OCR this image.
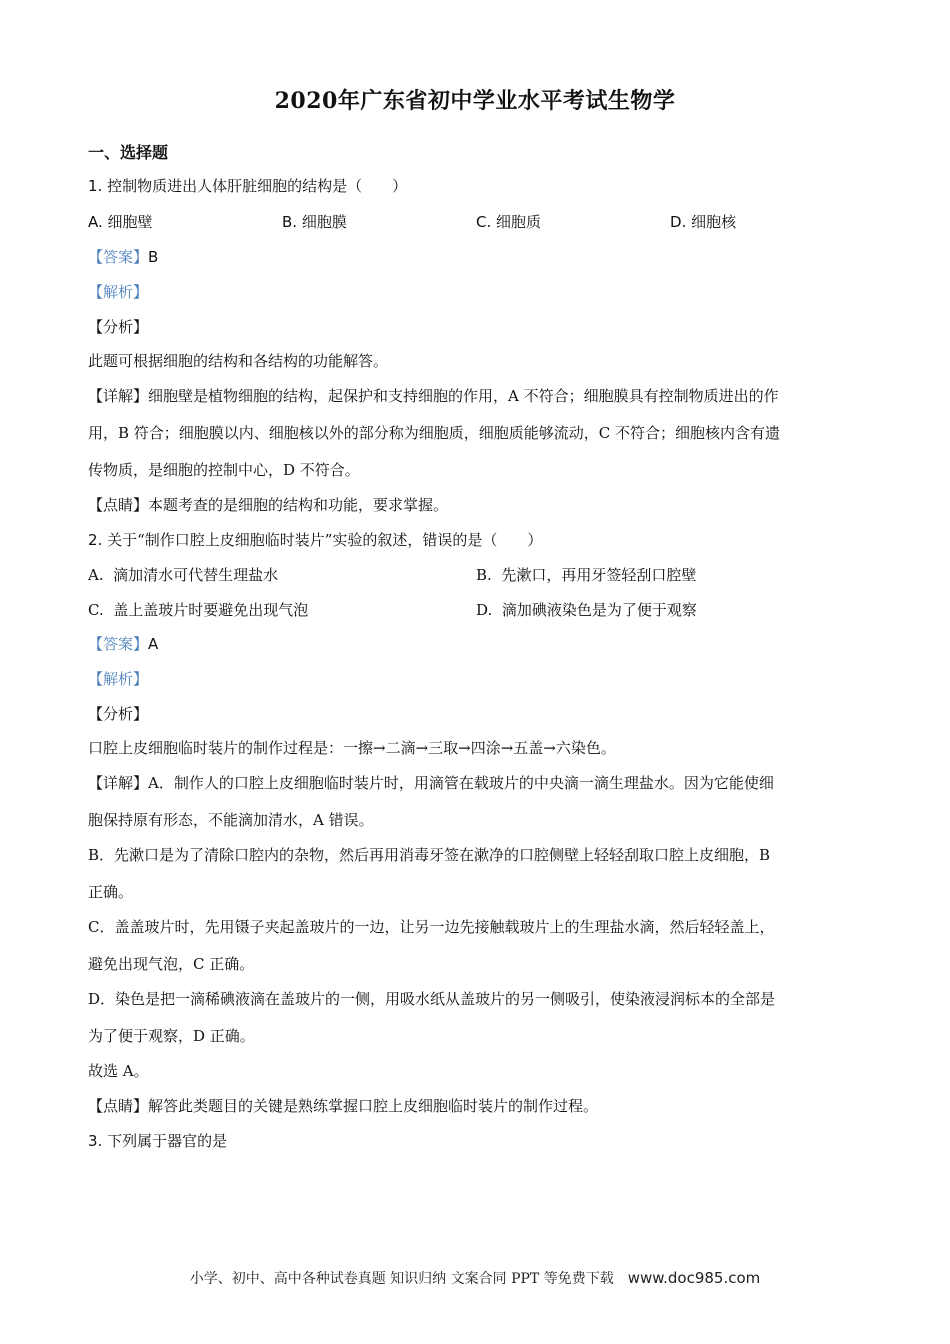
2020年广东省初中学业水平考试生物学
一、选择题
1. 控制物质进出人体肝脏细胞的结构是（　　）
A. 细胞壁	B. 细胞膜	C. 细胞质	D. 细胞核
【答案】B
【解析】
【分析】
此题可根据细胞的结构和各结构的功能解答。
【详解】细胞壁是植物细胞的结构，起保护和支持细胞的作用，A 不符合；细胞膜具有控制物质进出的作
用，B 符合；细胞膜以内、细胞核以外的部分称为细胞质，细胞质能够流动，C 不符合；细胞核内含有遗
传物质，是细胞的控制中心，D 不符合。
【点睛】本题考查的是细胞的结构和功能，要求掌握。
2. 关于“制作口腔上皮细胞临时装片”实验的叙述，错误的是（　　）
A. 滴加清水可代替生理盐水	B. 先漱口，再用牙签轻刮口腔壁
C. 盖上盖玻片时要避免出现气泡	D. 滴加碘液染色是为了便于观察
【答案】A
【解析】
【分析】
口腔上皮细胞临时装片的制作过程是：一擦→二滴→三取→四涂→五盖→六染色。
【详解】A．制作人的口腔上皮细胞临时装片时，用滴管在载玻片的中央滴一滴生理盐水。因为它能使细
胞保持原有形态，不能滴加清水，A 错误。
B．先漱口是为了清除口腔内的杂物，然后再用消毒牙签在漱净的口腔侧壁上轻轻刮取口腔上皮细胞，B
正确。
C．盖盖玻片时，先用镊子夹起盖玻片的一边，让另一边先接触载玻片上的生理盐水滴，然后轻轻盖上，
避免出现气泡，C 正确。
D．染色是把一滴稀碘液滴在盖玻片的一侧，用吸水纸从盖玻片的另一侧吸引，使染液浸润标本的全部是
为了便于观察，D 正确。
故选 A。
【点睛】解答此类题目的关键是熟练掌握口腔上皮细胞临时装片的制作过程。
3. 下列属于器官的是
小学、初中、高中各种试卷真题 知识归纳 文案合同 PPT 等免费下载 www.doc985.com
